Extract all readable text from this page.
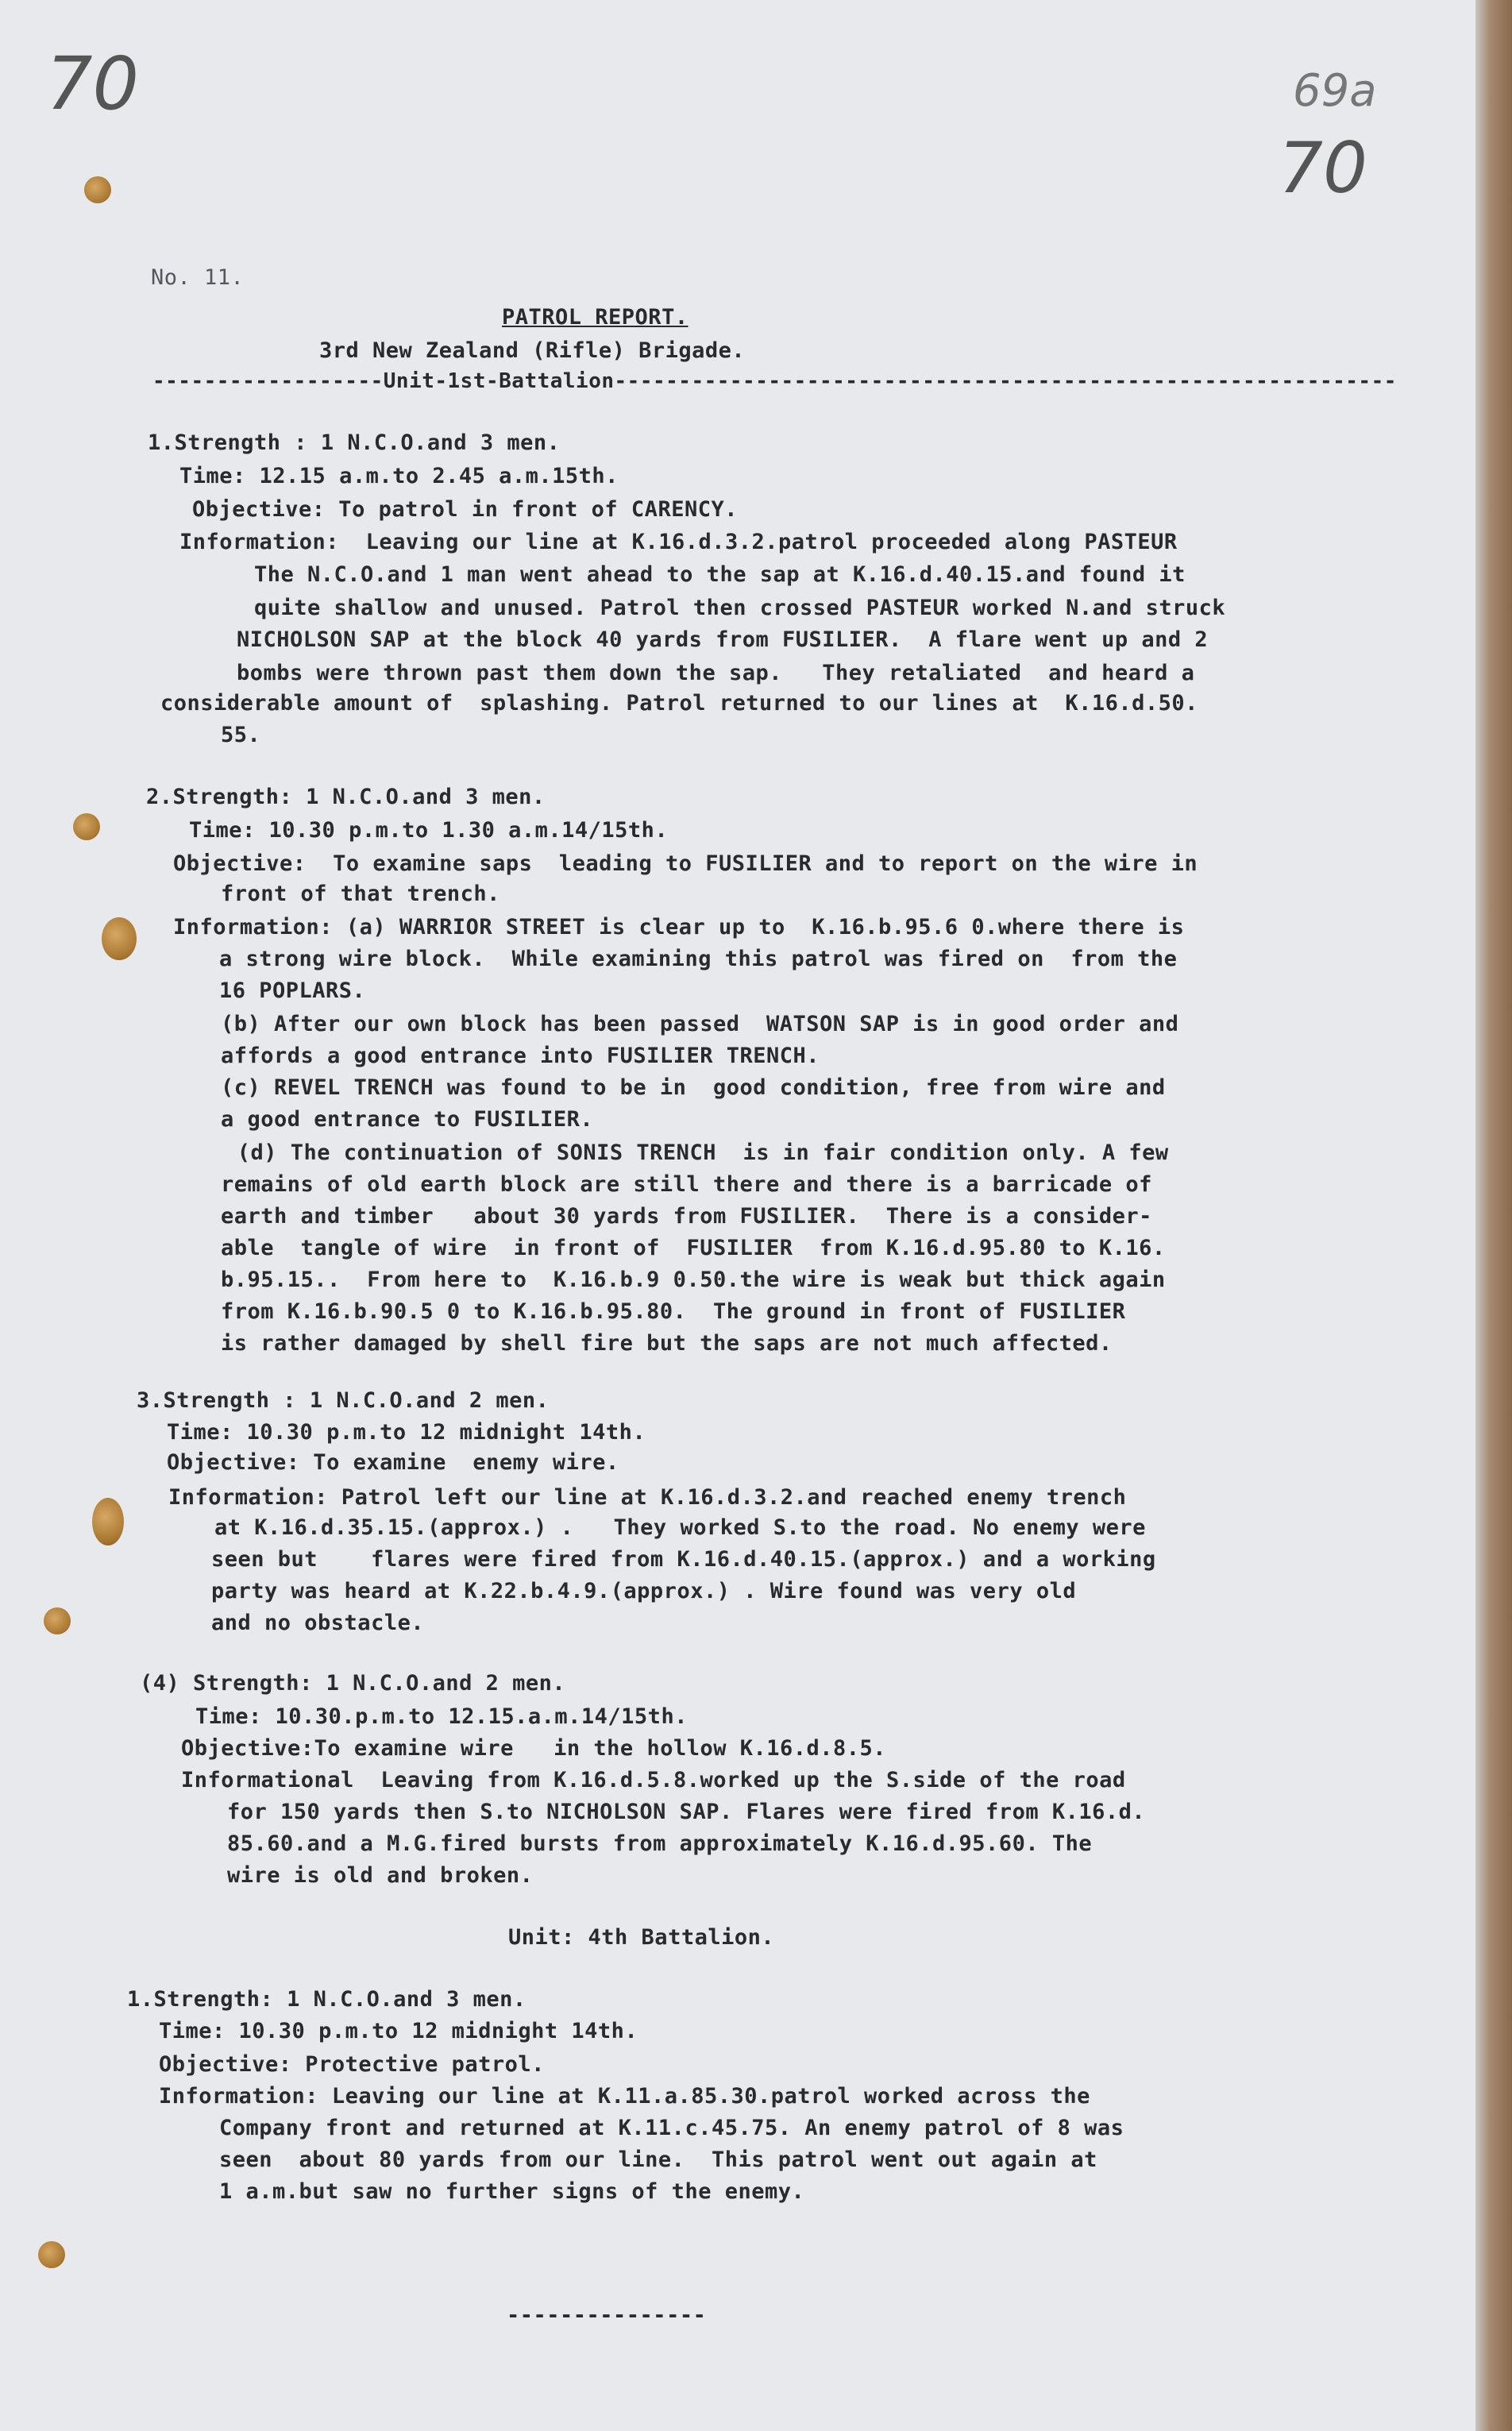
70	69a
70
No. 11.
PATROL REPORT.
3rd New Zealand (Rifle) Brigade.
------------------Unit-1st-Battalion-------------------------------------------------------------
1.Strength : 1 N.C.O.and 3 men.
Time: 12.15 a.m.to 2.45 a.m.15th.
Objective: To patrol in front of CARENCY.
Information:  Leaving our line at K.16.d.3.2.patrol proceeded along PASTEUR
The N.C.O.and 1 man went ahead to the sap at K.16.d.40.15.and found it
quite shallow and unused. Patrol then crossed PASTEUR worked N.and struck
NICHOLSON SAP at the block 40 yards from FUSILIER.  A flare went up and 2
bombs were thrown past them down the sap.   They retaliated  and heard a
considerable amount of  splashing. Patrol returned to our lines at  K.16.d.50.
55.
2.Strength: 1 N.C.O.and 3 men.
Time: 10.30 p.m.to 1.30 a.m.14/15th.
Objective:  To examine saps  leading to FUSILIER and to report on the wire in
front of that trench.
Information: (a) WARRIOR STREET is clear up to  K.16.b.95.6 0.where there is
a strong wire block.  While examining this patrol was fired on  from the
16 POPLARS.
(b) After our own block has been passed  WATSON SAP is in good order and
affords a good entrance into FUSILIER TRENCH.
(c) REVEL TRENCH was found to be in  good condition, free from wire and
a good entrance to FUSILIER.
(d) The continuation of SONIS TRENCH  is in fair condition only. A few
remains of old earth block are still there and there is a barricade of
earth and timber   about 30 yards from FUSILIER.  There is a consider-
able  tangle of wire  in front of  FUSILIER  from K.16.d.95.80 to K.16.
b.95.15..  From here to  K.16.b.9 0.50.the wire is weak but thick again
from K.16.b.90.5 0 to K.16.b.95.80.  The ground in front of FUSILIER
is rather damaged by shell fire but the saps are not much affected.
3.Strength : 1 N.C.O.and 2 men.
Time: 10.30 p.m.to 12 midnight 14th.
Objective: To examine  enemy wire.
Information: Patrol left our line at K.16.d.3.2.and reached enemy trench
at K.16.d.35.15.(approx.) .   They worked S.to the road. No enemy were
seen but    flares were fired from K.16.d.40.15.(approx.) and a working
party was heard at K.22.b.4.9.(approx.) . Wire found was very old
and no obstacle.
(4) Strength: 1 N.C.O.and 2 men.
Time: 10.30.p.m.to 12.15.a.m.14/15th.
Objective:To examine wire   in the hollow K.16.d.8.5.
Informational  Leaving from K.16.d.5.8.worked up the S.side of the road
for 150 yards then S.to NICHOLSON SAP. Flares were fired from K.16.d.
85.60.and a M.G.fired bursts from approximately K.16.d.95.60. The
wire is old and broken.
Unit: 4th Battalion.
1.Strength: 1 N.C.O.and 3 men.
Time: 10.30 p.m.to 12 midnight 14th.
Objective: Protective patrol.
Information: Leaving our line at K.11.a.85.30.patrol worked across the
Company front and returned at K.11.c.45.75. An enemy patrol of 8 was
seen  about 80 yards from our line.  This patrol went out again at
1 a.m.but saw no further signs of the enemy.
---------------
